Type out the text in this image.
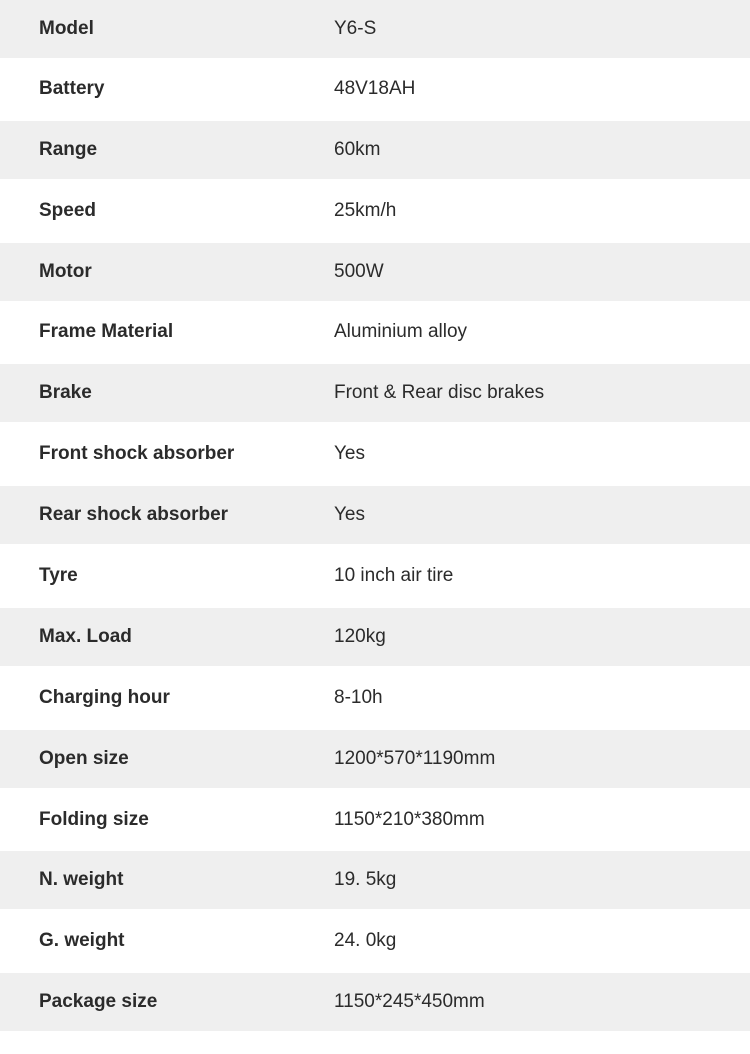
Model	Y6-S
Battery	48V18AH
Range	60km
Speed	25km/h
Motor	500W
Frame Material	Aluminium alloy
Brake	Front & Rear disc brakes
Front shock absorber	Yes
Rear shock absorber	Yes
Tyre	10 inch air tire
Max. Load	120kg
Charging hour	8-10h
Open size	1200*570*1190mm
Folding size	1150*210*380mm
N. weight	19. 5kg
G. weight	24. 0kg
Package size	1150*245*450mm
